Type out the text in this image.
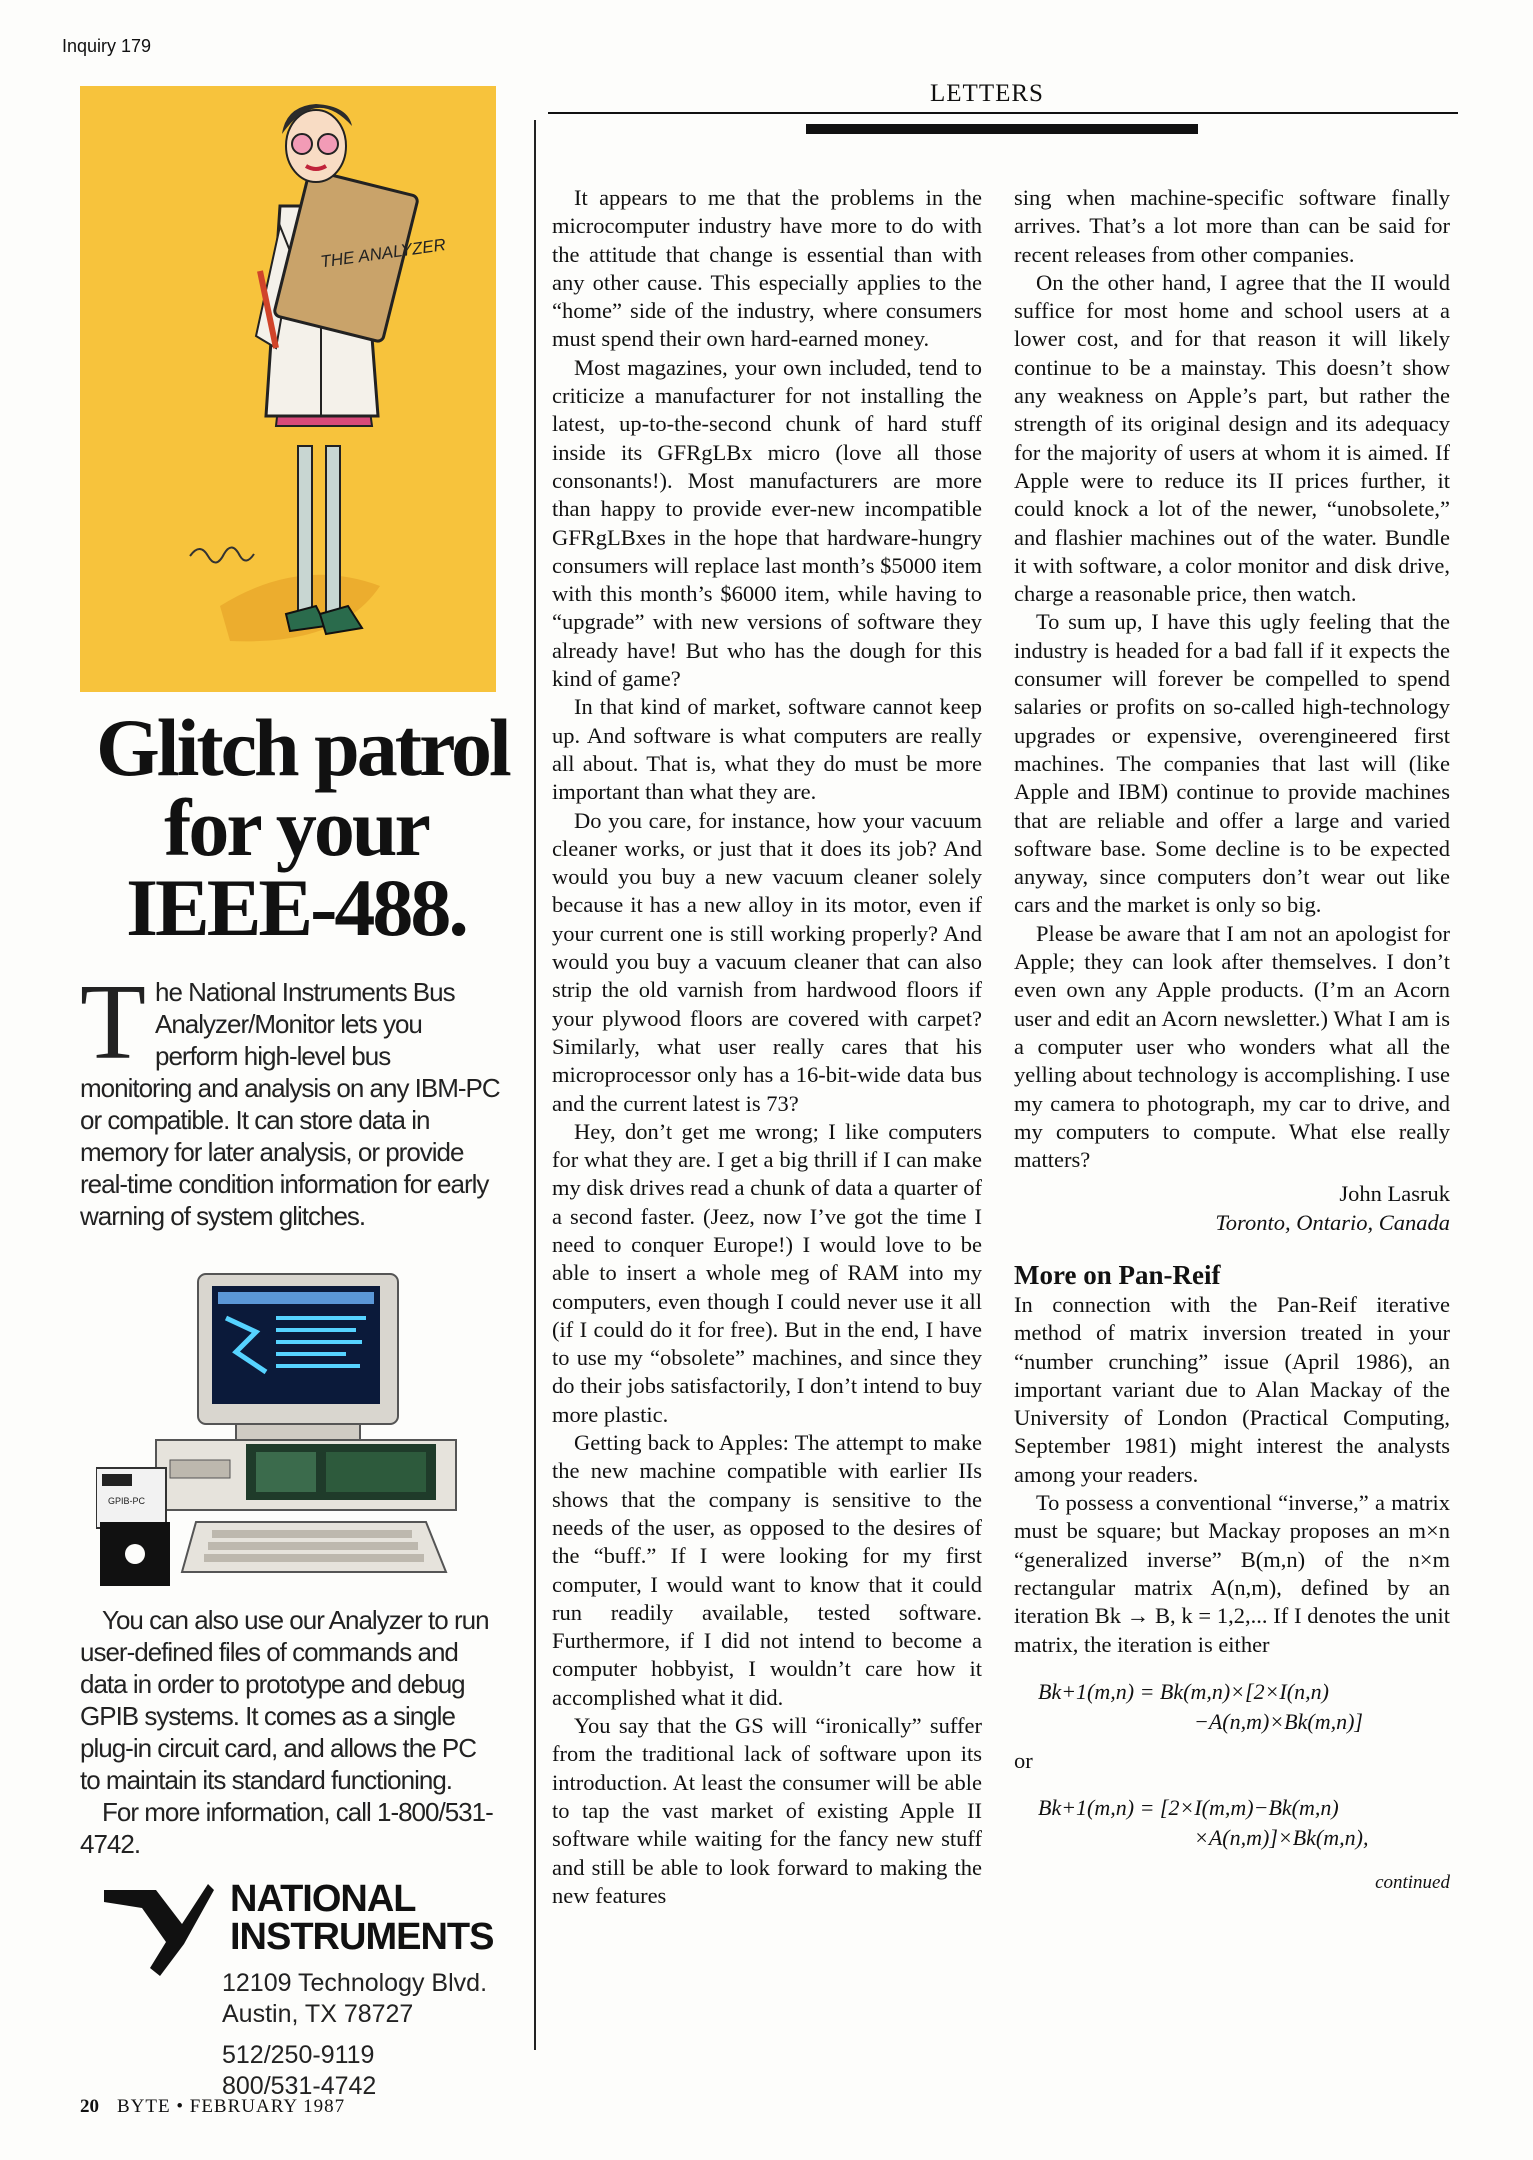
Inquiry 179
THE ANALYZER
Glitch patrol
for your
IEEE-488.
The National Instruments Bus Analyzer/Monitor lets you perform high-level bus monitoring and analysis on any IBM-PC or compatible. It can store data in memory for later analysis, or provide real-time condition information for early warning of system glitches.
GPIB-PC

You can also use our Analyzer to run user-defined files of commands and data in order to prototype and debug GPIB systems. It comes as a single plug-in circuit card, and allows the PC to maintain its standard functioning.

For more information, call 1-800/531-4742.

NATIONAL
INSTRUMENTS
12109 Technology Blvd.
Austin, TX 78727
512/250-9119
800/531-4742
20 BYTE • FEBRUARY 1987
LETTERS

It appears to me that the problems in the microcomputer industry have more to do with the attitude that change is essential than with any other cause. This especially applies to the “home” side of the industry, where consumers must spend their own hard-earned money.

Most magazines, your own included, tend to criticize a manufacturer for not installing the latest, up-to-the-second chunk of hard stuff inside its GFRgLBx micro (love all those consonants!). Most manufacturers are more than happy to provide ever-new incompatible GFRgLBxes in the hope that hardware-hungry consumers will replace last month’s $5000 item with this month’s $6000 item, while having to “upgrade” with new versions of software they already have! But who has the dough for this kind of game?

In that kind of market, software cannot keep up. And software is what computers are really all about. That is, what they do must be more important than what they are.

Do you care, for instance, how your vacuum cleaner works, or just that it does its job? And would you buy a new vacuum cleaner solely because it has a new alloy in its motor, even if your current one is still working properly? And would you buy a vacuum cleaner that can also strip the old varnish from hardwood floors if your plywood floors are covered with carpet? Similarly, what user really cares that his microprocessor only has a 16-bit-wide data bus and the current latest is 73?

Hey, don’t get me wrong; I like computers for what they are. I get a big thrill if I can make my disk drives read a chunk of data a quarter of a second faster. (Jeez, now I’ve got the time I need to conquer Europe!) I would love to be able to insert a whole meg of RAM into my computers, even though I could never use it all (if I could do it for free). But in the end, I have to use my “obsolete” machines, and since they do their jobs satisfactorily, I don’t intend to buy more plastic.

Getting back to Apples: The attempt to make the new machine compatible with earlier IIs shows that the company is sensitive to the needs of the user, as opposed to the desires of the “buff.” If I were looking for my first computer, I would want to know that it could run readily available, tested software. Furthermore, if I did not intend to become a computer hobbyist, I wouldn’t care how it accomplished what it did.

You say that the GS will “ironically” suffer from the traditional lack of software upon its introduction. At least the consumer will be able to tap the vast market of existing Apple II software while waiting for the fancy new stuff and still be able to look forward to making the new features

sing when machine-specific software finally arrives. That’s a lot more than can be said for recent releases from other companies.

On the other hand, I agree that the II would suffice for most home and school users at a lower cost, and for that reason it will likely continue to be a mainstay. This doesn’t show any weakness on Apple’s part, but rather the strength of its original design and its adequacy for the majority of users at whom it is aimed. If Apple were to reduce its II prices further, it could knock a lot of the newer, “unobsolete,” and flashier machines out of the water. Bundle it with software, a color monitor and disk drive, charge a reasonable price, then watch.

To sum up, I have this ugly feeling that the industry is headed for a bad fall if it expects the consumer will forever be compelled to spend salaries or profits on so-called high-technology upgrades or expensive, overengineered first machines. The companies that last will (like Apple and IBM) continue to provide machines that are reliable and offer a large and varied software base. Some decline is to be expected anyway, since computers don’t wear out like cars and the market is only so big.

Please be aware that I am not an apologist for Apple; they can look after themselves. I don’t even own any Apple products. (I’m an Acorn user and edit an Acorn newsletter.) What I am is a computer user who wonders what all the yelling about technology is accomplishing. I use my camera to photograph, my car to drive, and my computers to compute. What else really matters?

John Lasruk
Toronto, Ontario, Canada

More on Pan-Reif

In connection with the Pan-Reif iterative method of matrix inversion treated in your “number crunching” issue (April 1986), an important variant due to Alan Mackay of the University of London (Practical Computing, September 1981) might interest the analysts among your readers.

To possess a conventional “inverse,” a matrix must be square; but Mackay proposes an m×n “generalized inverse” B(m,n) of the n×m rectangular matrix A(n,m), defined by an iteration Bk → B, k = 1,2,... If I denotes the unit matrix, the iteration is either

Bk+1(m,n) = Bk(m,n)×[2×I(n,n)
−A(n,m)×Bk(m,n)]

or

Bk+1(m,n) = [2×I(m,m)−Bk(m,n)
×A(n,m)]×Bk(m,n),
continued
